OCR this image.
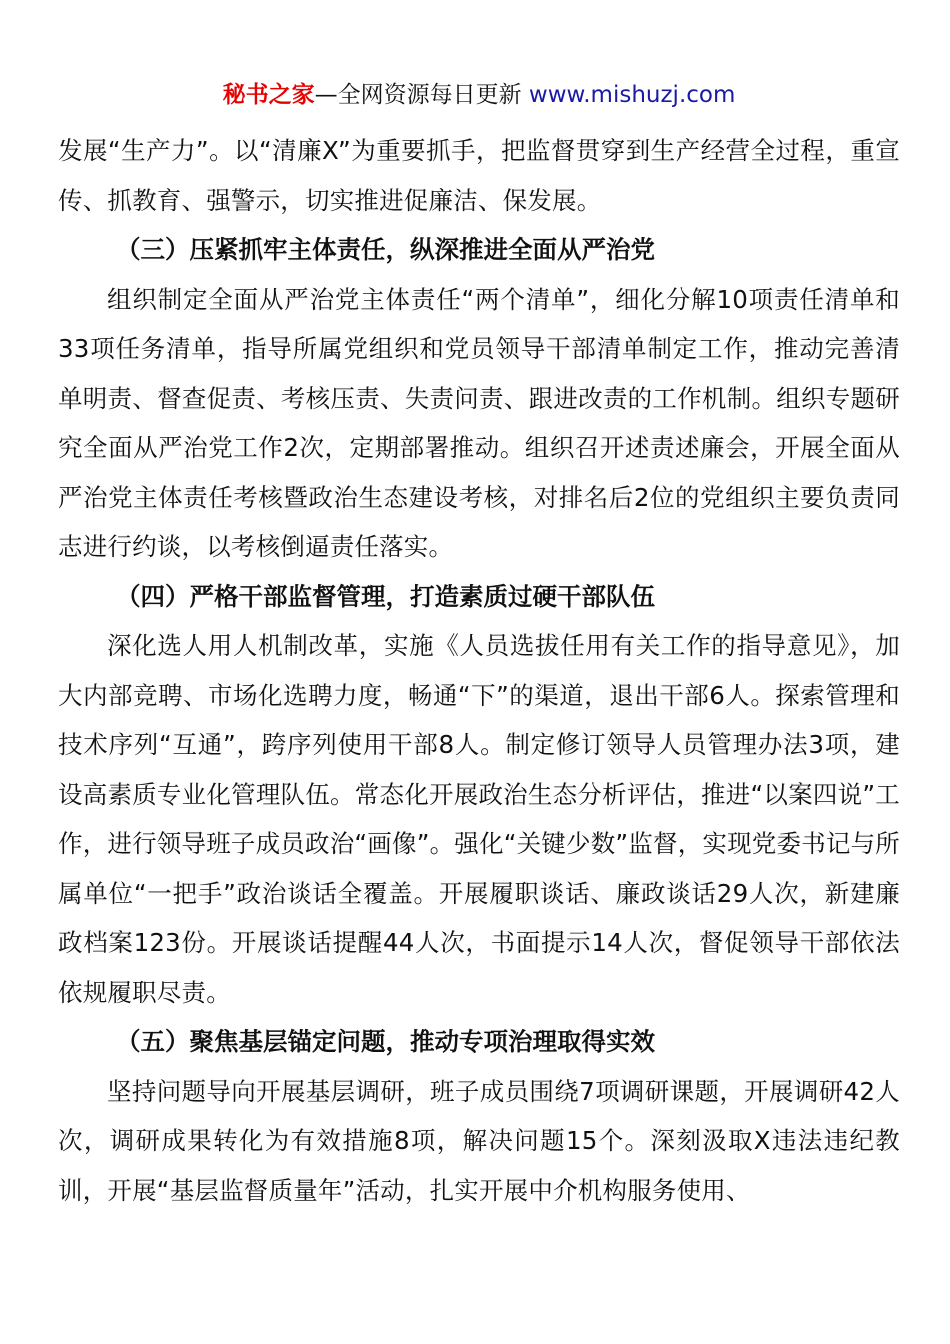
秘书之家—全网资源每日更新 www.mishuzj.com

发展“生产力”。以“清廉X”为重要抓手，把监督贯穿到生产经营全过程，重宣传、抓教育、强警示，切实推进促廉洁、保发展。

（三）压紧抓牢主体责任，纵深推进全面从严治党

组织制定全面从严治党主体责任“两个清单”，细化分解10项责任清单和33项任务清单，指导所属党组织和党员领导干部清单制定工作，推动完善清单明责、督查促责、考核压责、失责问责、跟进改责的工作机制。组织专题研究全面从严治党工作2次，定期部署推动。组织召开述责述廉会，开展全面从严治党主体责任考核暨政治生态建设考核，对排名后2位的党组织主要负责同志进行约谈，以考核倒逼责任落实。

（四）严格干部监督管理，打造素质过硬干部队伍

深化选人用人机制改革，实施《人员选拔任用有关工作的指导意见》，加大内部竞聘、市场化选聘力度，畅通“下”的渠道，退出干部6人。探索管理和技术序列“互通”，跨序列使用干部8人。制定修订领导人员管理办法3项，建设高素质专业化管理队伍。常态化开展政治生态分析评估，推进“以案四说”工作，进行领导班子成员政治“画像”。强化“关键少数”监督，实现党委书记与所属单位“一把手”政治谈话全覆盖。开展履职谈话、廉政谈话29人次，新建廉政档案123份。开展谈话提醒44人次，书面提示14人次，督促领导干部依法依规履职尽责。

（五）聚焦基层锚定问题，推动专项治理取得实效

坚持问题导向开展基层调研，班子成员围绕7项调研课题，开展调研42人次，调研成果转化为有效措施8项，解决问题15个。深刻汲取X违法违纪教训，开展“基层监督质量年”活动，扎实开展中介机构服务使用、
